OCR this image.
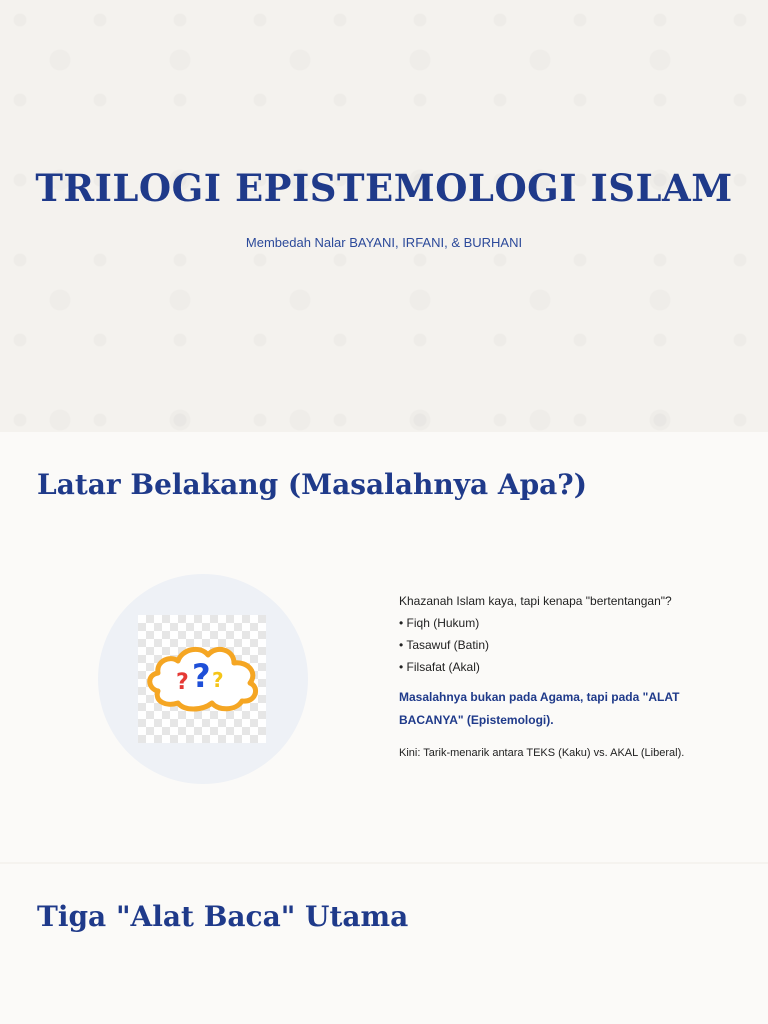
TRILOGI EPISTEMOLOGI ISLAM
Membedah Nalar BAYANI, IRFANI, & BURHANI
Latar Belakang (Masalahnya Apa?)
? ? ?
Khazanah Islam kaya, tapi kenapa "bertentangan"?
• Fiqh (Hukum)
• Tasawuf (Batin)
• Filsafat (Akal)
Masalahnya bukan pada Agama, tapi pada "ALAT
BACANYA" (Epistemologi).
Kini: Tarik-menarik antara TEKS (Kaku) vs. AKAL (Liberal).
Tiga "Alat Baca" Utama
